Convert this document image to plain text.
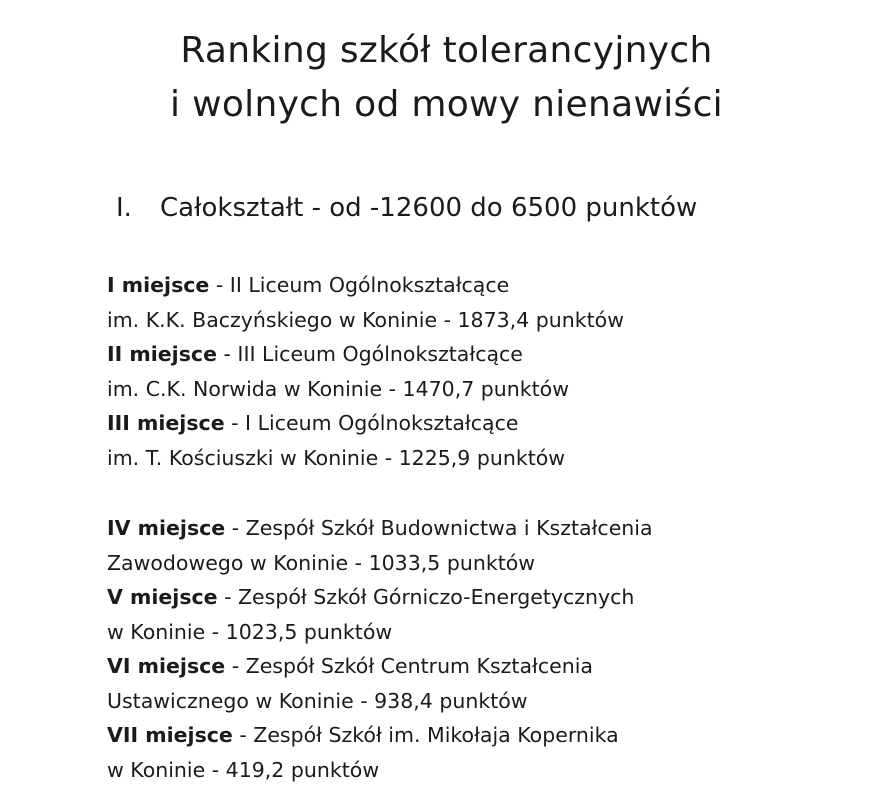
Ranking szkół tolerancyjnych
i wolnych od mowy nienawiści
I. Całokształt - od -12600 do 6500 punktów

I miejsce - II Liceum Ogólnokształcące
im. K.K. Baczyńskiego w Koninie - 1873,4 punktów

II miejsce - III Liceum Ogólnokształcące
im. C.K. Norwida w Koninie - 1470,7 punktów

III miejsce - I Liceum Ogólnokształcące
im. T. Kościuszki w Koninie - 1225,9 punktów

IV miejsce - Zespół Szkół Budownictwa i Kształcenia
Zawodowego w Koninie - 1033,5 punktów

V miejsce - Zespół Szkół Górniczo-Energetycznych
w Koninie - 1023,5 punktów

VI miejsce - Zespół Szkół Centrum Kształcenia
Ustawicznego w Koninie - 938,4 punktów

VII miejsce - Zespół Szkół im. Mikołaja Kopernika
w Koninie - 419,2 punktów
